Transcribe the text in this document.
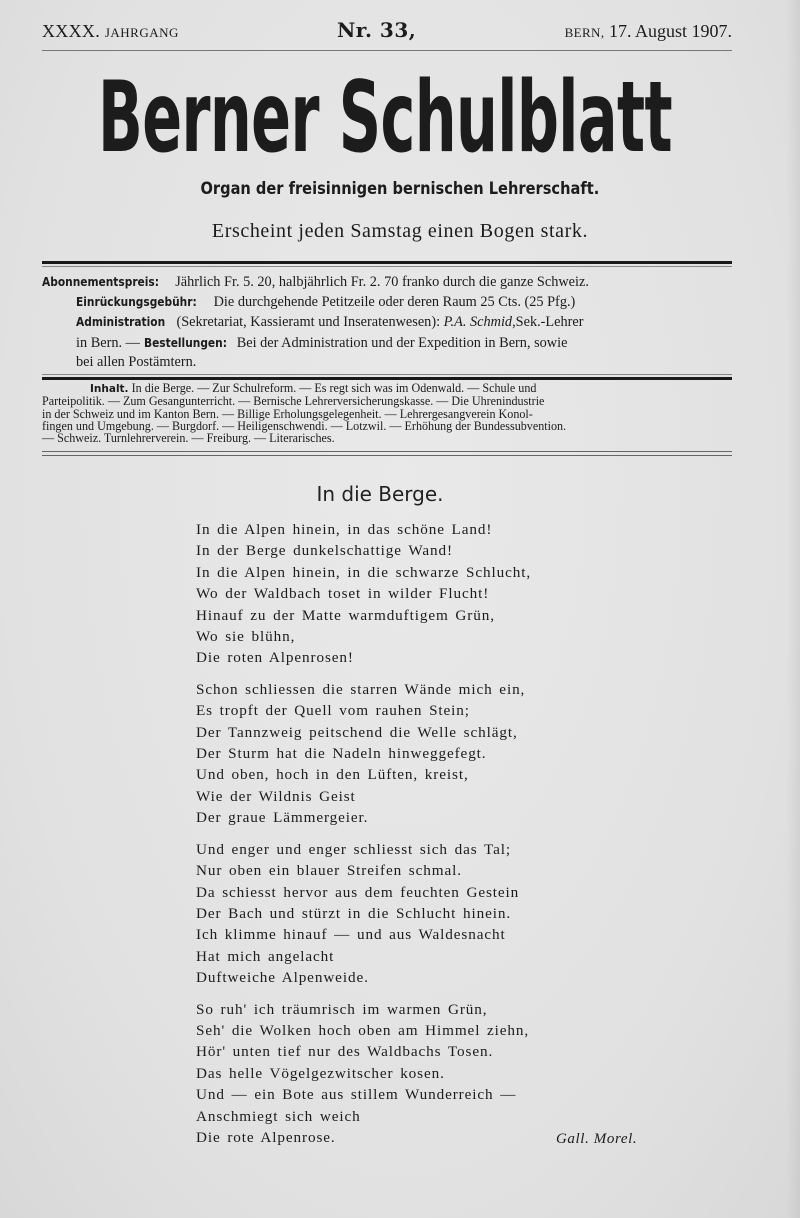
XXXX. JAHRGANG	Nr. 33,	BERN, 17. August 1907.
Berner Schulblatt
Organ der freisinnigen bernischen Lehrerschaft.
Erscheint jeden Samstag einen Bogen stark.
Abonnementspreis: Jährlich Fr. 5. 20, halbjährlich Fr. 2. 70 franko durch die ganze Schweiz.
Einrückungsgebühr: Die durchgehende Petitzeile oder deren Raum 25 Cts. (25 Pfg.)
Administration (Sekretariat, Kassieramt und Inseratenwesen): P.A. Schmid,Sek.-Lehrer
in Bern. — Bestellungen: Bei der Administration und der Expedition in Bern, sowie
bei allen Postämtern.
Inhalt. In die Berge. — Zur Schulreform. — Es regt sich was im Odenwald. — Schule und
Parteipolitik. — Zum Gesangunterricht. — Bernische Lehrerversicherungskasse. — Die Uhrenindustrie
in der Schweiz und im Kanton Bern. — Billige Erholungsgelegenheit. — Lehrergesangverein Konol-
fingen und Umgebung. — Burgdorf. — Heiligenschwendi. — Lotzwil. — Erhöhung der Bundessubvention.
— Schweiz. Turnlehrerverein. — Freiburg. — Literarisches.
In die Berge.
In die Alpen hinein, in das schöne Land!
In der Berge dunkelschattige Wand!
In die Alpen hinein, in die schwarze Schlucht,
Wo der Waldbach toset in wilder Flucht!
Hinauf zu der Matte warmduftigem Grün,
Wo sie blühn,
Die roten Alpenrosen!
Schon schliessen die starren Wände mich ein,
Es tropft der Quell vom rauhen Stein;
Der Tannzweig peitschend die Welle schlägt,
Der Sturm hat die Nadeln hinweggefegt.
Und oben, hoch in den Lüften, kreist,
Wie der Wildnis Geist
Der graue Lämmergeier.
Und enger und enger schliesst sich das Tal;
Nur oben ein blauer Streifen schmal.
Da schiesst hervor aus dem feuchten Gestein
Der Bach und stürzt in die Schlucht hinein.
Ich klimme hinauf — und aus Waldesnacht
Hat mich angelacht
Duftweiche Alpenweide.
So ruh' ich träumrisch im warmen Grün,
Seh' die Wolken hoch oben am Himmel ziehn,
Hör' unten tief nur des Waldbachs Tosen.
Das helle Vögelgezwitscher kosen.
Und — ein Bote aus stillem Wunderreich —
Anschmiegt sich weich
Die rote Alpenrose.	Gall. Morel.
